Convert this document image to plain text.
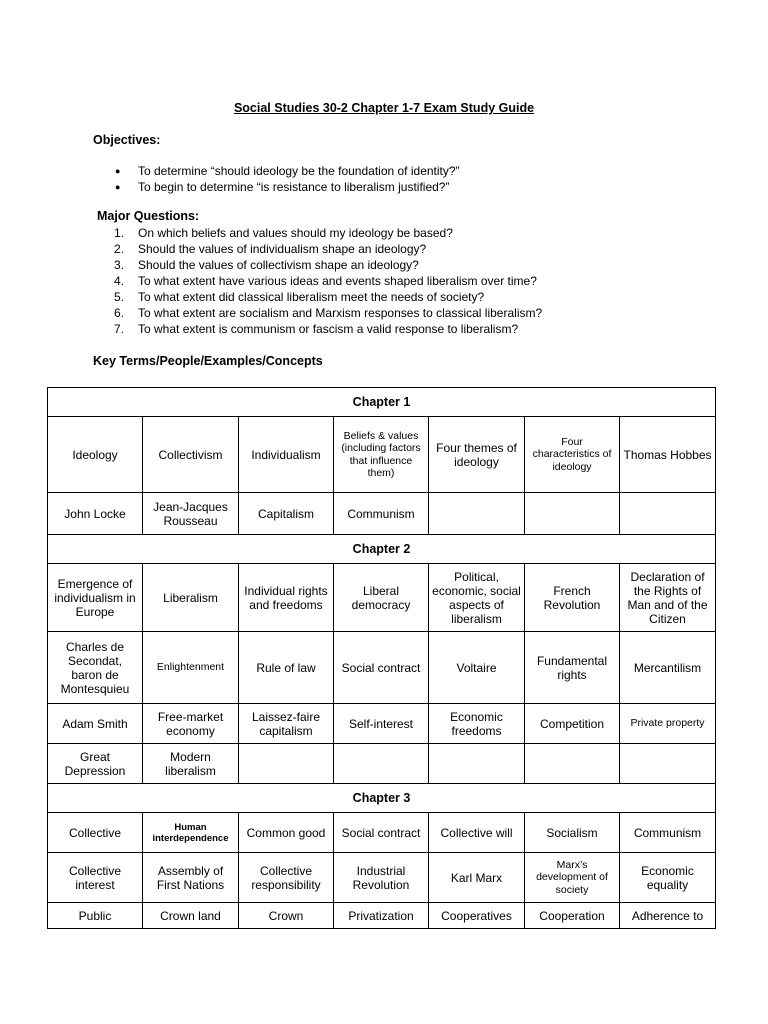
Social Studies 30-2 Chapter 1-7 Exam Study Guide
Objectives:
● To determine “should ideology be the foundation of identity?”
● To begin to determine “is resistance to liberalism justified?”
Major Questions:
1.	On which beliefs and values should my ideology be based?
2.	Should the values of individualism shape an ideology?
3.	Should the values of collectivism shape an ideology?
4.	To what extent have various ideas and events shaped liberalism over time?
5.	To what extent did classical liberalism meet the needs of society?
6.	To what extent are socialism and Marxism responses to classical liberalism?
7.	To what extent is communism or fascism a valid response to liberalism?
Key Terms/People/Examples/Concepts
Chapter 1						
Ideology	Collectivism	Individualism	Beliefs & values (including factors that influence them)	Four themes of ideology	Four characteristics of ideology	Thomas Hobbes
John Locke	Jean-Jacques Rousseau	Capitalism	Communism			
Chapter 2						
Emergence of individualism in Europe	Liberalism	Individual rights and freedoms	Liberal democracy	Political, economic, social aspects of liberalism	French Revolution	Declaration of the Rights of Man and of the Citizen
Charles de Secondat, baron de Montesquieu	Enlightenment	Rule of law	Social contract	Voltaire	Fundamental rights	Mercantilism
Adam Smith	Free-market economy	Laissez-faire capitalism	Self-interest	Economic freedoms	Competition	Private property
Great Depression	Modern liberalism					
Chapter 3						
Collective	Human interdependence	Common good	Social contract	Collective will	Socialism	Communism
Collective interest	Assembly of First Nations	Collective responsibility	Industrial Revolution	Karl Marx	Marx’s development of society	Economic equality
Public	Crown land	Crown	Privatization	Cooperatives	Cooperation	Adherence to
